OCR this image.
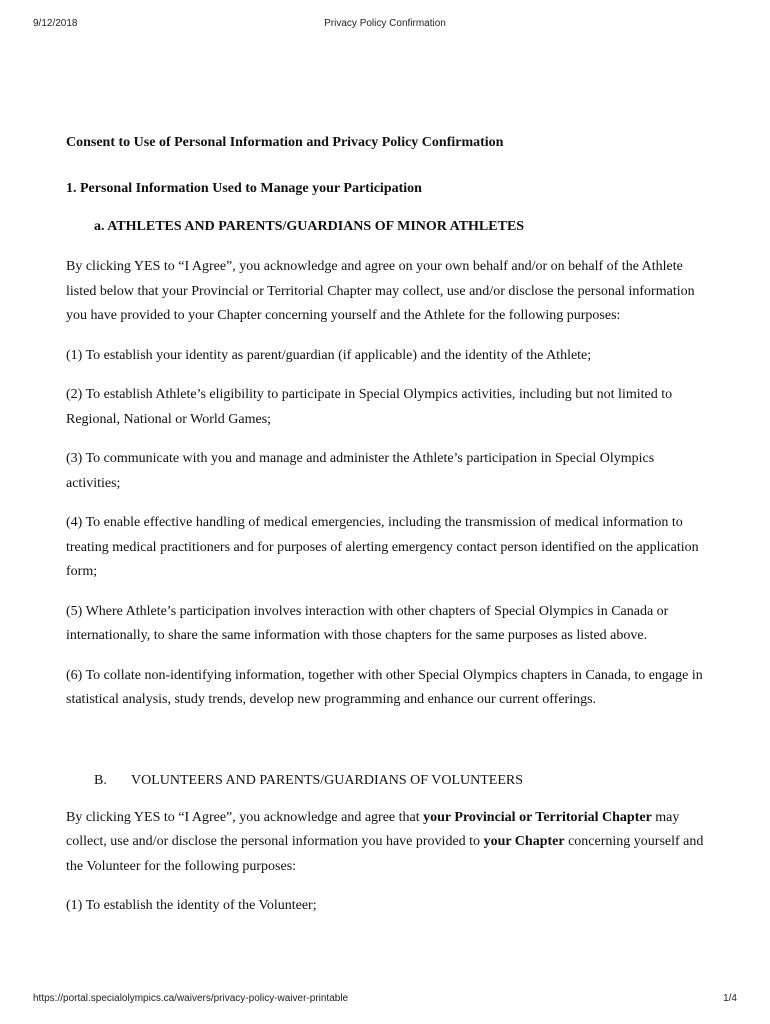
9/12/2018	Privacy Policy Confirmation
Consent to Use of Personal Information and Privacy Policy Confirmation
1. Personal Information Used to Manage your Participation
a. ATHLETES AND PARENTS/GUARDIANS OF MINOR ATHLETES

By clicking YES to “I Agree”, you acknowledge and agree on your own behalf and/or on behalf of the Athlete listed below that your Provincial or Territorial Chapter may collect, use and/or disclose the personal information you have provided to your Chapter concerning yourself and the Athlete for the following purposes:

(1) To establish your identity as parent/guardian (if applicable) and the identity of the Athlete;

(2) To establish Athlete’s eligibility to participate in Special Olympics activities, including but not limited to Regional, National or World Games;

(3) To communicate with you and manage and administer the Athlete’s participation in Special Olympics activities;

(4) To enable effective handling of medical emergencies, including the transmission of medical information to treating medical practitioners and for purposes of alerting emergency contact person identified on the application form;

(5) Where Athlete’s participation involves interaction with other chapters of Special Olympics in Canada or internationally, to share the same information with those chapters for the same purposes as listed above.

(6) To collate non-identifying information, together with other Special Olympics chapters in Canada, to engage in statistical analysis, study trends, develop new programming and enhance our current offerings.

B. VOLUNTEERS AND PARENTS/GUARDIANS OF VOLUNTEERS

By clicking YES to “I Agree”, you acknowledge and agree that your Provincial or Territorial Chapter may collect, use and/or disclose the personal information you have provided to your Chapter concerning yourself and the Volunteer for the following purposes:

(1) To establish the identity of the Volunteer;

https://portal.specialolympics.ca/waivers/privacy-policy-waiver-printable	1/4
